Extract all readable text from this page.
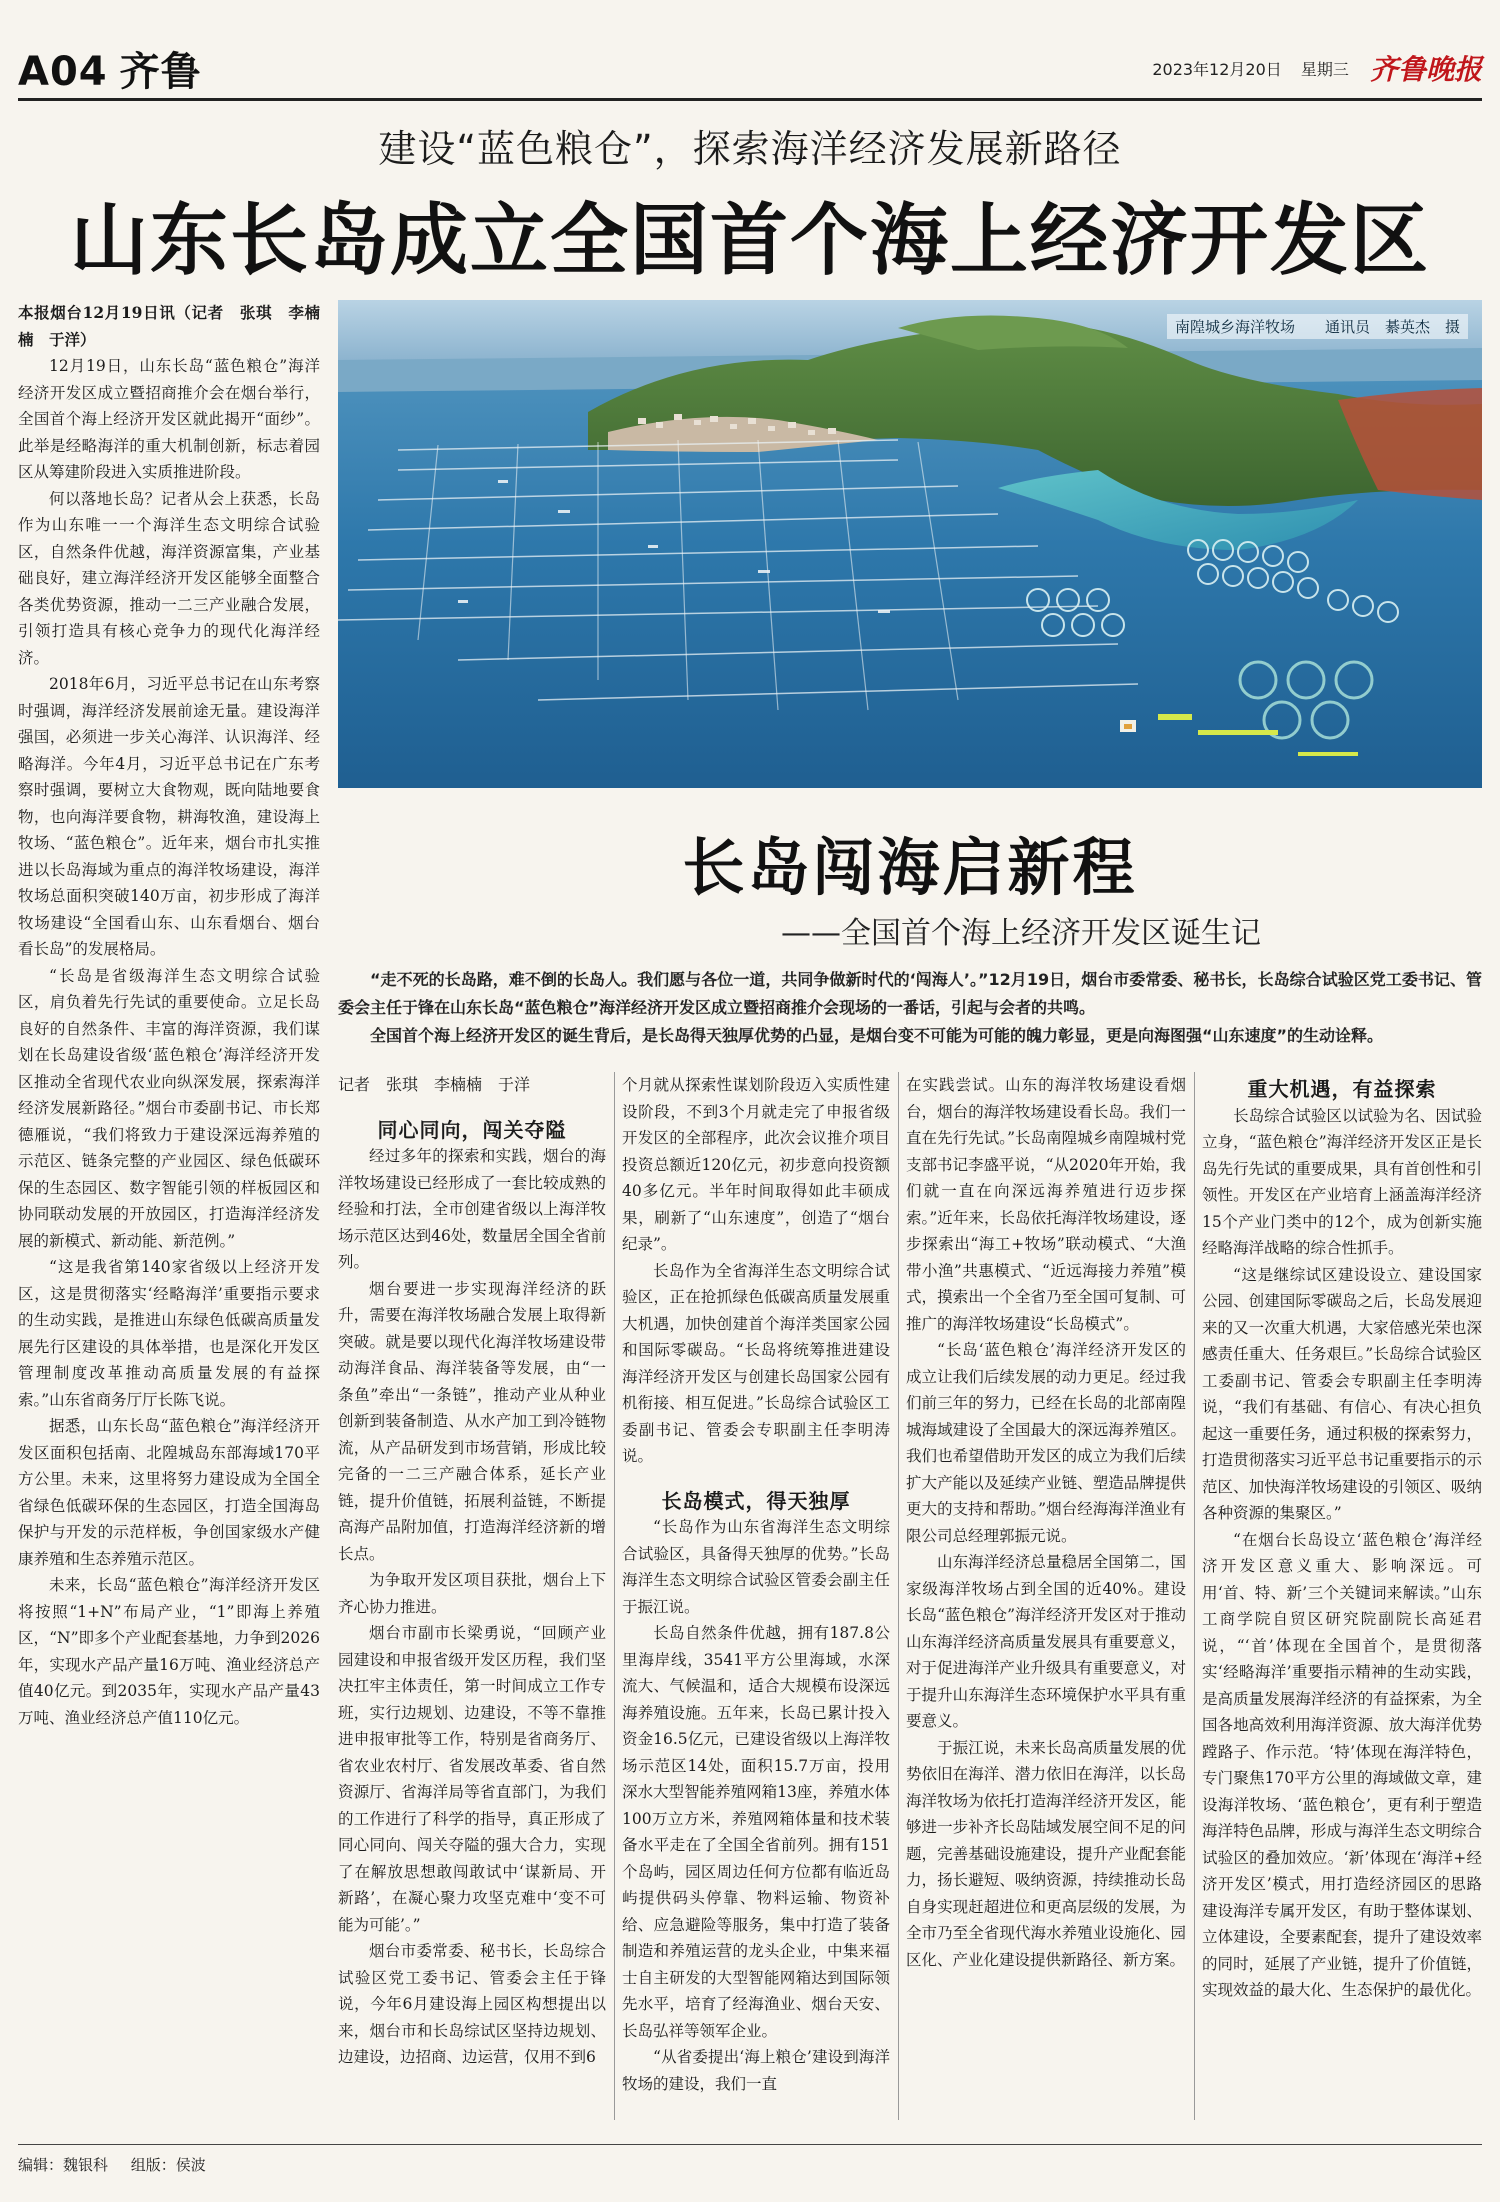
A04 齐鲁	2023年12月20日 星期三 齐鲁晚报
建设“蓝色粮仓”，探索海洋经济发展新路径
山东长岛成立全国首个海上经济开发区

本报烟台12月19日讯（记者　张琪　李楠楠　于洋）

12月19日，山东长岛“蓝色粮仓”海洋经济开发区成立暨招商推介会在烟台举行，全国首个海上经济开发区就此揭开“面纱”。此举是经略海洋的重大机制创新，标志着园区从筹建阶段进入实质推进阶段。

何以落地长岛？记者从会上获悉，长岛作为山东唯一一个海洋生态文明综合试验区，自然条件优越，海洋资源富集，产业基础良好，建立海洋经济开发区能够全面整合各类优势资源，推动一二三产业融合发展，引领打造具有核心竞争力的现代化海洋经济。

2018年6月，习近平总书记在山东考察时强调，海洋经济发展前途无量。建设海洋强国，必须进一步关心海洋、认识海洋、经略海洋。今年4月，习近平总书记在广东考察时强调，要树立大食物观，既向陆地要食物，也向海洋要食物，耕海牧渔，建设海上牧场、“蓝色粮仓”。近年来，烟台市扎实推进以长岛海域为重点的海洋牧场建设，海洋牧场总面积突破140万亩，初步形成了海洋牧场建设“全国看山东、山东看烟台、烟台看长岛”的发展格局。

“长岛是省级海洋生态文明综合试验区，肩负着先行先试的重要使命。立足长岛良好的自然条件、丰富的海洋资源，我们谋划在长岛建设省级‘蓝色粮仓’海洋经济开发区推动全省现代农业向纵深发展，探索海洋经济发展新路径。”烟台市委副书记、市长郑德雁说，“我们将致力于建设深远海养殖的示范区、链条完整的产业园区、绿色低碳环保的生态园区、数字智能引领的样板园区和协同联动发展的开放园区，打造海洋经济发展的新模式、新动能、新范例。”

“这是我省第140家省级以上经济开发区，这是贯彻落实‘经略海洋’重要指示要求的生动实践，是推进山东绿色低碳高质量发展先行区建设的具体举措，也是深化开发区管理制度改革推动高质量发展的有益探索。”山东省商务厅厅长陈飞说。

据悉，山东长岛“蓝色粮仓”海洋经济开发区面积包括南、北隍城岛东部海域170平方公里。未来，这里将努力建设成为全国全省绿色低碳环保的生态园区，打造全国海岛保护与开发的示范样板，争创国家级水产健康养殖和生态养殖示范区。

未来，长岛“蓝色粮仓”海洋经济开发区将按照“1+N”布局产业，“1”即海上养殖区，“N”即多个产业配套基地，力争到2026年，实现水产品产量16万吨、渔业经济总产值40亿元。到2035年，实现水产品产量43万吨、渔业经济总产值110亿元。

南隍城乡海洋牧场　　通讯员　綦英杰　摄
长岛闯海启新程
——全国首个海上经济开发区诞生记

“走不死的长岛路，难不倒的长岛人。我们愿与各位一道，共同争做新时代的‘闯海人’。”12月19日，烟台市委常委、秘书长，长岛综合试验区党工委书记、管委会主任于锋在山东长岛“蓝色粮仓”海洋经济开发区成立暨招商推介会现场的一番话，引起与会者的共鸣。

全国首个海上经济开发区的诞生背后，是长岛得天独厚优势的凸显，是烟台变不可能为可能的魄力彰显，更是向海图强“山东速度”的生动诠释。

记者　张琪　李楠楠　于洋

同心同向，闯关夺隘

经过多年的探索和实践，烟台的海洋牧场建设已经形成了一套比较成熟的经验和打法，全市创建省级以上海洋牧场示范区达到46处，数量居全国全省前列。

烟台要进一步实现海洋经济的跃升，需要在海洋牧场融合发展上取得新突破。就是要以现代化海洋牧场建设带动海洋食品、海洋装备等发展，由“一条鱼”牵出“一条链”，推动产业从种业创新到装备制造、从水产加工到冷链物流，从产品研发到市场营销，形成比较完备的一二三产融合体系，延长产业链，提升价值链，拓展利益链，不断提高海产品附加值，打造海洋经济新的增长点。

为争取开发区项目获批，烟台上下齐心协力推进。

烟台市副市长梁勇说，“回顾产业园建设和申报省级开发区历程，我们坚决扛牢主体责任，第一时间成立工作专班，实行边规划、边建设，不等不靠推进申报审批等工作，特别是省商务厅、省农业农村厅、省发展改革委、省自然资源厅、省海洋局等省直部门，为我们的工作进行了科学的指导，真正形成了同心同向、闯关夺隘的强大合力，实现了在解放思想敢闯敢试中‘谋新局、开新路’，在凝心聚力攻坚克难中‘变不可能为可能’。”

烟台市委常委、秘书长，长岛综合试验区党工委书记、管委会主任于锋说，今年6月建设海上园区构想提出以来，烟台市和长岛综试区坚持边规划、边建设，边招商、边运营，仅用不到6

个月就从探索性谋划阶段迈入实质性建设阶段，不到3个月就走完了申报省级开发区的全部程序，此次会议推介项目投资总额近120亿元，初步意向投资额40多亿元。半年时间取得如此丰硕成果，刷新了“山东速度”，创造了“烟台纪录”。

长岛作为全省海洋生态文明综合试验区，正在抢抓绿色低碳高质量发展重大机遇，加快创建首个海洋类国家公园和国际零碳岛。“长岛将统筹推进建设海洋经济开发区与创建长岛国家公园有机衔接、相互促进。”长岛综合试验区工委副书记、管委会专职副主任李明涛说。

长岛模式，得天独厚

“长岛作为山东省海洋生态文明综合试验区，具备得天独厚的优势。”长岛海洋生态文明综合试验区管委会副主任于振江说。

长岛自然条件优越，拥有187.8公里海岸线，3541平方公里海域，水深流大、气候温和，适合大规模布设深远海养殖设施。五年来，长岛已累计投入资金16.5亿元，已建设省级以上海洋牧场示范区14处，面积15.7万亩，投用深水大型智能养殖网箱13座，养殖水体100万立方米，养殖网箱体量和技术装备水平走在了全国全省前列。拥有151个岛屿，园区周边任何方位都有临近岛屿提供码头停靠、物料运输、物资补给、应急避险等服务，集中打造了装备制造和养殖运营的龙头企业，中集来福士自主研发的大型智能网箱达到国际领先水平，培育了经海渔业、烟台天安、长岛弘祥等领军企业。

“从省委提出‘海上粮仓’建设到海洋牧场的建设，我们一直

在实践尝试。山东的海洋牧场建设看烟台，烟台的海洋牧场建设看长岛。我们一直在先行先试。”长岛南隍城乡南隍城村党支部书记李盛平说，“从2020年开始，我们就一直在向深远海养殖进行迈步探索。”近年来，长岛依托海洋牧场建设，逐步探索出“海工+牧场”联动模式、“大渔带小渔”共惠模式、“近远海接力养殖”模式，摸索出一个全省乃至全国可复制、可推广的海洋牧场建设“长岛模式”。

“长岛‘蓝色粮仓’海洋经济开发区的成立让我们后续发展的动力更足。经过我们前三年的努力，已经在长岛的北部南隍城海域建设了全国最大的深远海养殖区。我们也希望借助开发区的成立为我们后续扩大产能以及延续产业链、塑造品牌提供更大的支持和帮助。”烟台经海海洋渔业有限公司总经理郭振元说。

山东海洋经济总量稳居全国第二，国家级海洋牧场占到全国的近40%。建设长岛“蓝色粮仓”海洋经济开发区对于推动山东海洋经济高质量发展具有重要意义，对于促进海洋产业升级具有重要意义，对于提升山东海洋生态环境保护水平具有重要意义。

于振江说，未来长岛高质量发展的优势依旧在海洋、潜力依旧在海洋，以长岛海洋牧场为依托打造海洋经济开发区，能够进一步补齐长岛陆域发展空间不足的问题，完善基础设施建设，提升产业配套能力，扬长避短、吸纳资源，持续推动长岛自身实现赶超进位和更高层级的发展，为全市乃至全省现代海水养殖业设施化、园区化、产业化建设提供新路径、新方案。

重大机遇，有益探索

长岛综合试验区以试验为名、因试验立身，“蓝色粮仓”海洋经济开发区正是长岛先行先试的重要成果，具有首创性和引领性。开发区在产业培育上涵盖海洋经济15个产业门类中的12个，成为创新实施经略海洋战略的综合性抓手。

“这是继综试区建设设立、建设国家公园、创建国际零碳岛之后，长岛发展迎来的又一次重大机遇，大家倍感光荣也深感责任重大、任务艰巨。”长岛综合试验区工委副书记、管委会专职副主任李明涛说，“我们有基础、有信心、有决心担负起这一重要任务，通过积极的探索努力，打造贯彻落实习近平总书记重要指示的示范区、加快海洋牧场建设的引领区、吸纳各种资源的集聚区。”

“在烟台长岛设立‘蓝色粮仓’海洋经济开发区意义重大、影响深远。可用‘首、特、新’三个关键词来解读。”山东工商学院自贸区研究院副院长高延君说，“‘首’体现在全国首个，是贯彻落实‘经略海洋’重要指示精神的生动实践，是高质量发展海洋经济的有益探索，为全国各地高效利用海洋资源、放大海洋优势蹚路子、作示范。‘特’体现在海洋特色，专门聚焦170平方公里的海域做文章，建设海洋牧场、‘蓝色粮仓’，更有利于塑造海洋特色品牌，形成与海洋生态文明综合试验区的叠加效应。‘新’体现在‘海洋+经济开发区’模式，用打造经济园区的思路建设海洋专属开发区，有助于整体谋划、立体建设，全要素配套，提升了建设效率的同时，延展了产业链，提升了价值链，实现效益的最大化、生态保护的最优化。

编辑：魏银科 组版：侯波
